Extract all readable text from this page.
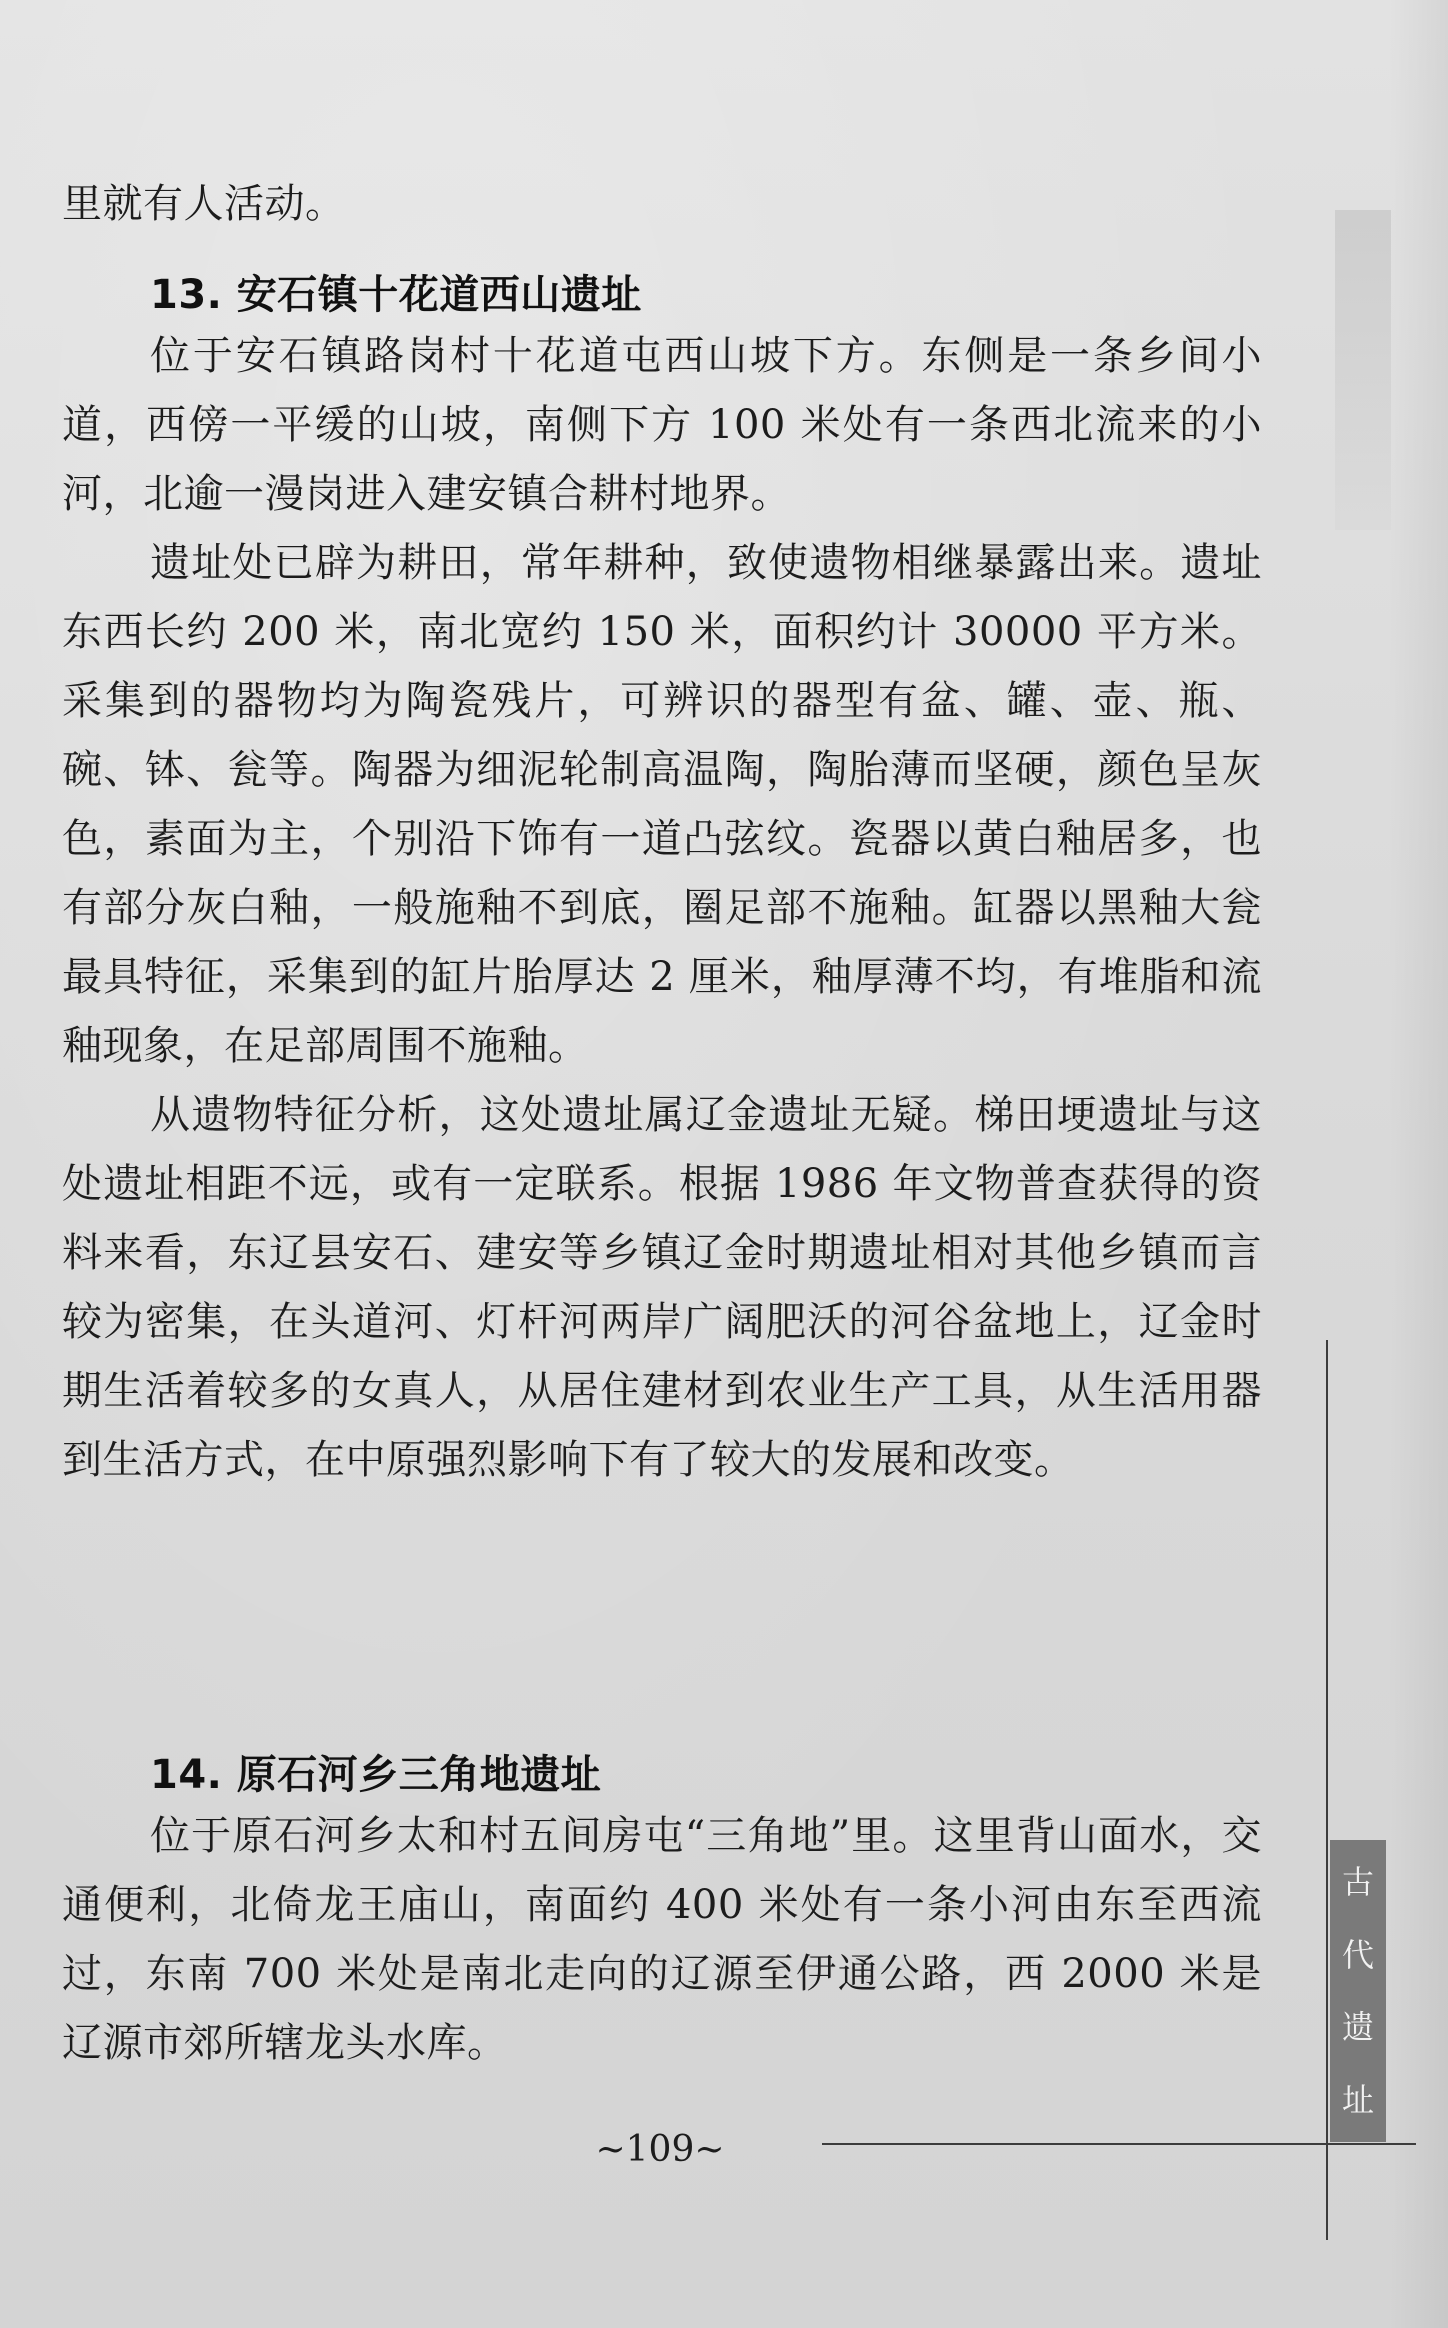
里就有人活动。

13. 安石镇十花道西山遗址

位于安石镇路岗村十花道屯西山坡下方。东侧是一条乡间小道，西傍一平缓的山坡，南侧下方 100 米处有一条西北流来的小河，北逾一漫岗进入建安镇合耕村地界。

遗址处已辟为耕田，常年耕种，致使遗物相继暴露出来。遗址东西长约 200 米，南北宽约 150 米，面积约计 30000 平方米。采集到的器物均为陶瓷残片，可辨识的器型有盆、罐、壶、瓶、碗、钵、瓮等。陶器为细泥轮制高温陶，陶胎薄而坚硬，颜色呈灰色，素面为主，个别沿下饰有一道凸弦纹。瓷器以黄白釉居多，也有部分灰白釉，一般施釉不到底，圈足部不施釉。缸器以黑釉大瓮最具特征，采集到的缸片胎厚达 2 厘米，釉厚薄不均，有堆脂和流釉现象，在足部周围不施釉。

从遗物特征分析，这处遗址属辽金遗址无疑。梯田埂遗址与这处遗址相距不远，或有一定联系。根据 1986 年文物普查获得的资料来看，东辽县安石、建安等乡镇辽金时期遗址相对其他乡镇而言较为密集，在头道河、灯杆河两岸广阔肥沃的河谷盆地上，辽金时期生活着较多的女真人，从居住建材到农业生产工具，从生活用器到生活方式，在中原强烈影响下有了较大的发展和改变。

14. 原石河乡三角地遗址

位于原石河乡太和村五间房屯“三角地”里。这里背山面水，交通便利，北倚龙王庙山，南面约 400 米处有一条小河由东至西流过，东南 700 米处是南北走向的辽源至伊通公路，西 2000 米是辽源市郊所辖龙头水库。

古
代
遗
址
~109~
